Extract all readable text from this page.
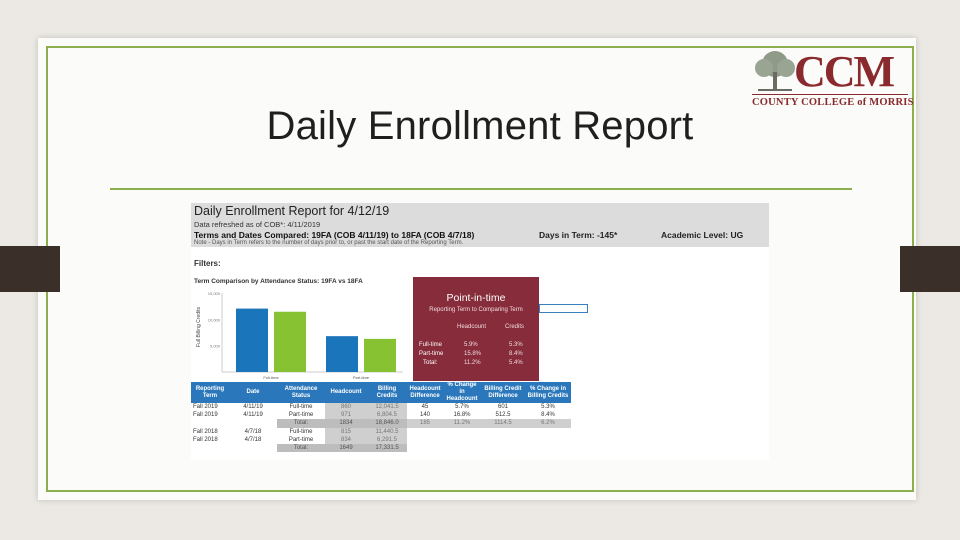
CCM
COUNTY COLLEGE of MORRIS
Daily Enrollment Report
Daily Enrollment Report for 4/12/19
Data refreshed as of COB*: 4/11/2019
Terms and Dates Compared: 19FA (COB 4/11/19) to 18FA (COB 4/7/18)
Note - Days in Term refers to the number of days prior to, or past the start date of the Reporting Term.
Days in Term: -145*	Academic Level: UG
Filters:
Term Comparison by Attendance Status: 19FA vs 18FA
Full Billing Credits
15,000
10,000
5,000
Full-time	Part-time
Point-in-time
Reporting Term to Comparing Term
Headcount	Credits
Full-time	5.9%	5.3%
Part-time	15.8%	8.4%
Total:	11.2%	5.4%
Reporting Term	Date	Attendance Status	Headcount	Billing Credits	Headcount Difference	% Change in Headcount	Billing Credit Difference	% Change in Billing Credits
Fall 2019	4/11/19	Full-time	860	12,041.5	45	5.7%	601	5.3%
Fall 2019	4/11/19	Part-time	971	6,804.5	140	16.8%	512.5	8.4%
		Total:	1834	18,846.0	185	11.2%	1114.5	6.2%
Fall 2018	4/7/18	Full-time	815	11,440.5				
Fall 2018	4/7/18	Part-time	834	6,291.5				
		Total:	1649	17,331.5				
